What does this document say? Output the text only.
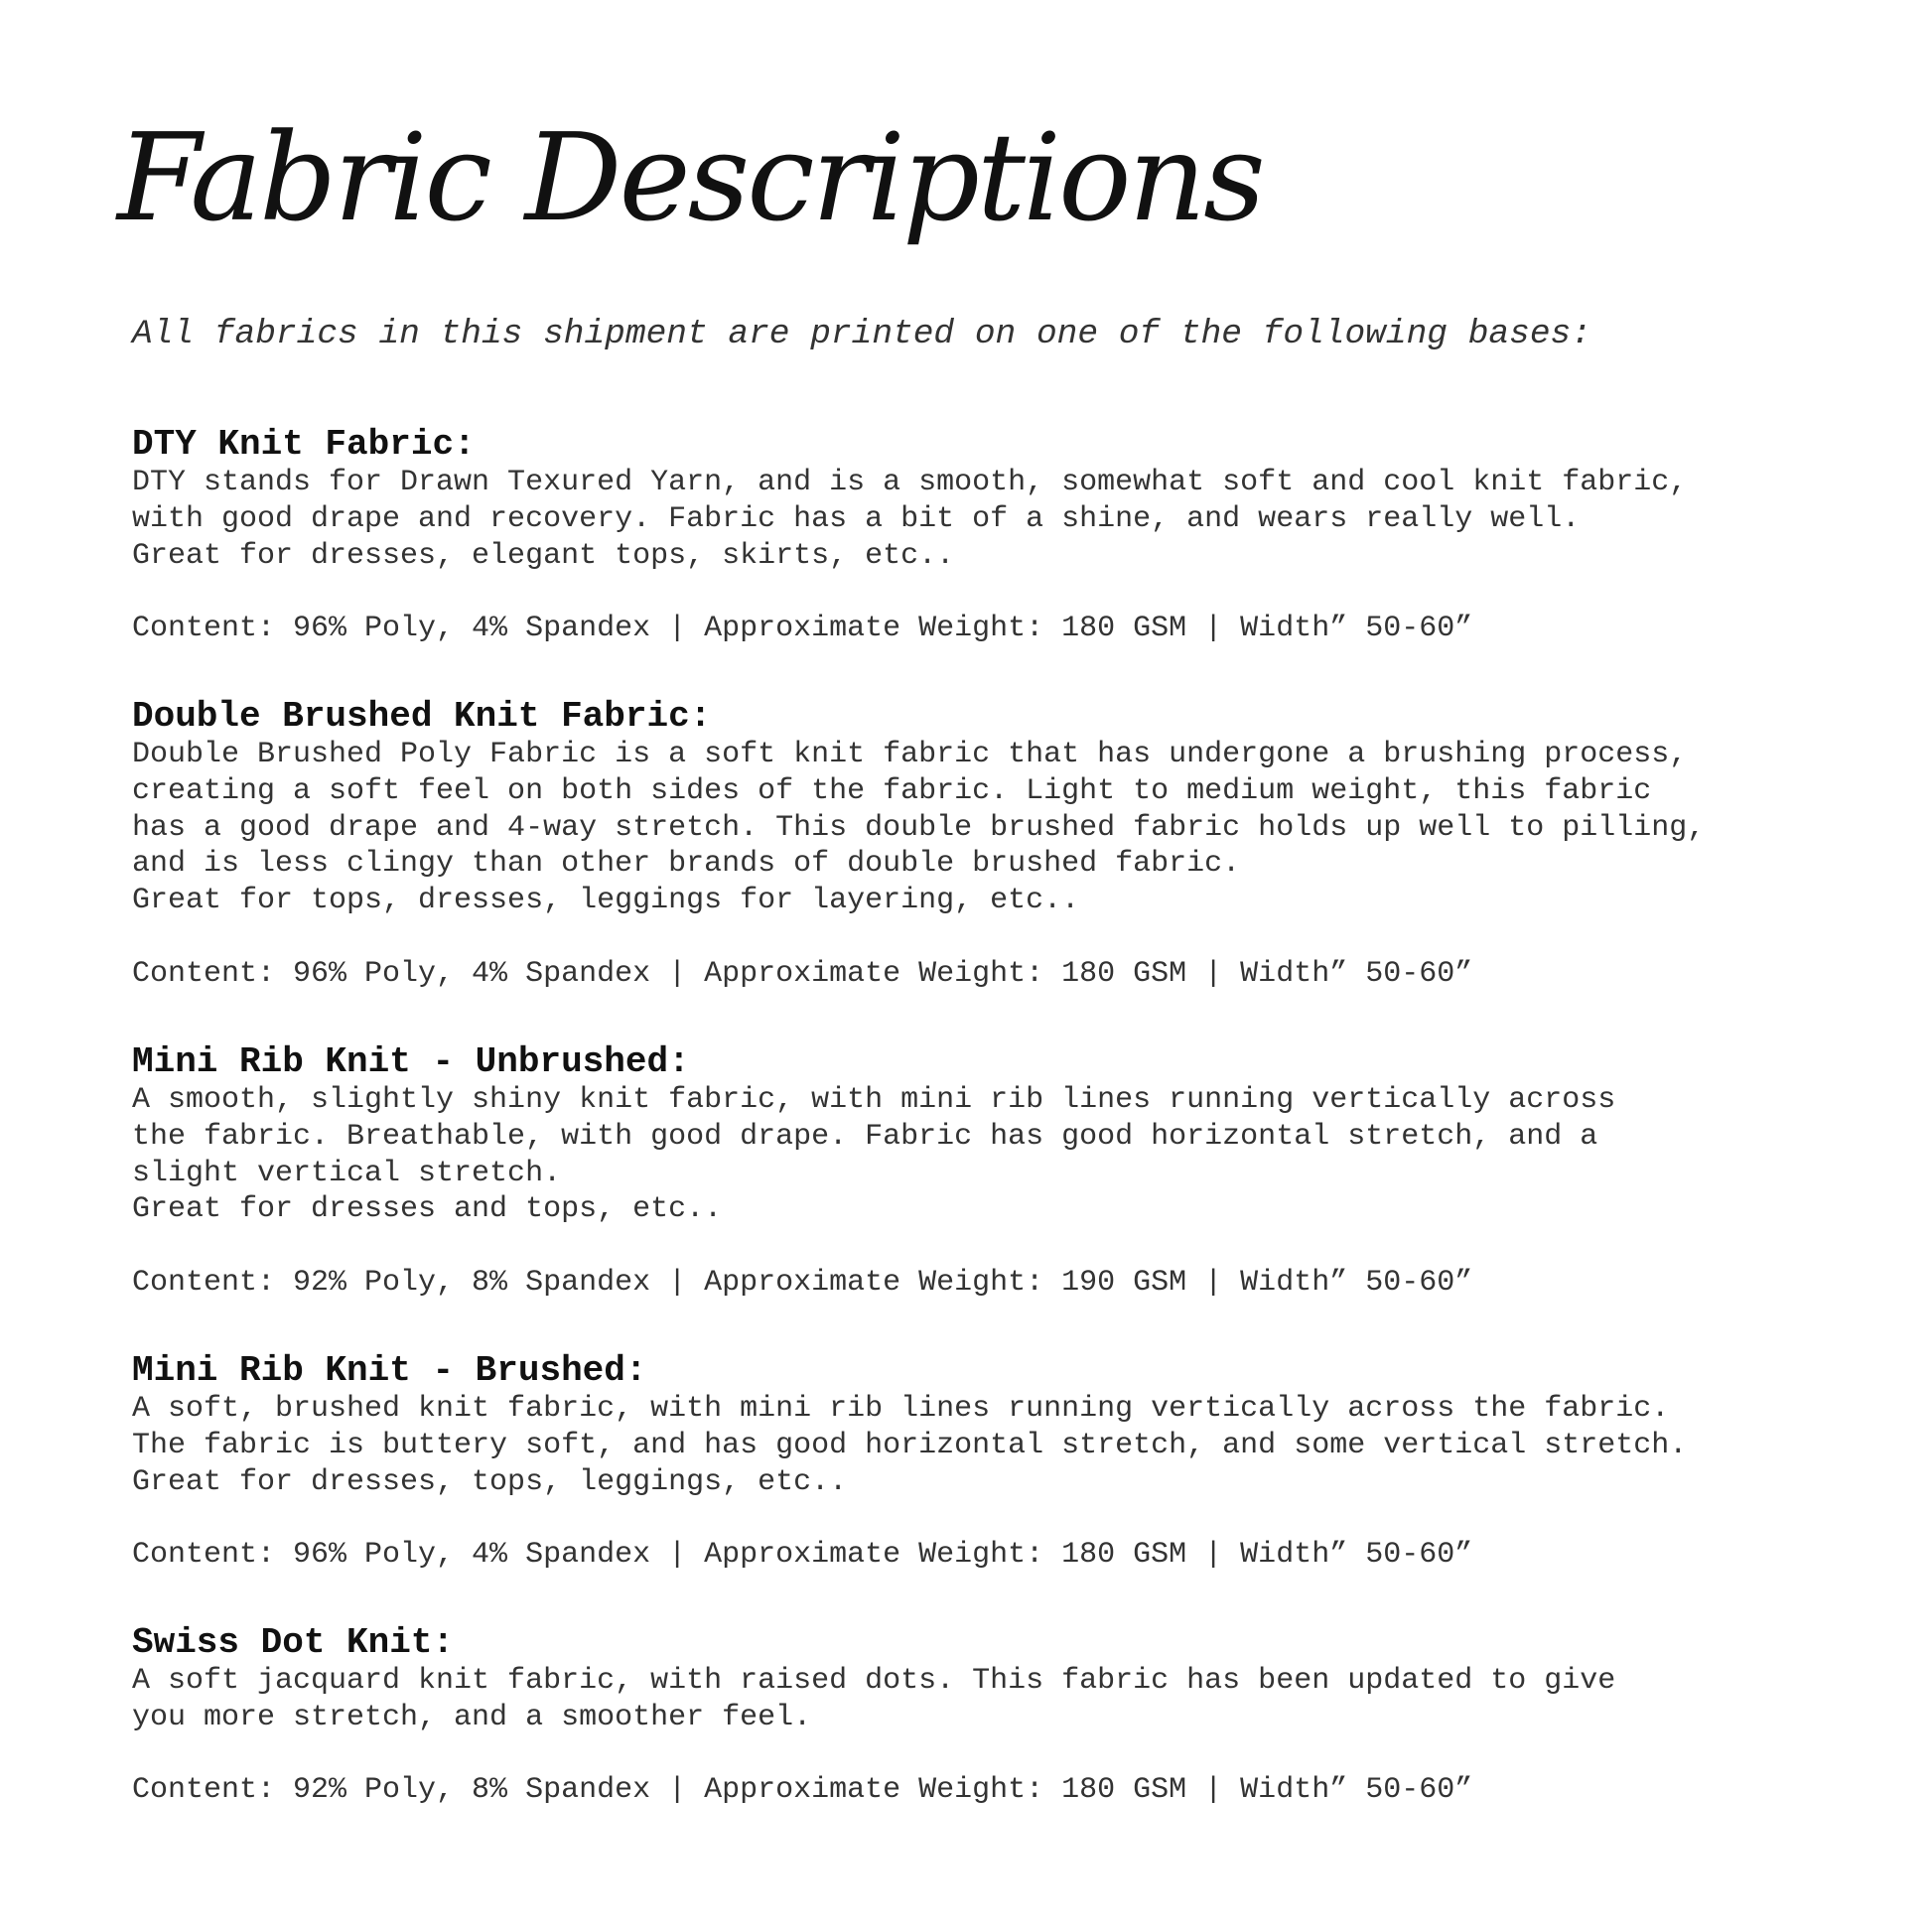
Fabric Descriptions

All fabrics in this shipment are printed on one of the following bases:

DTY Knit Fabric:

DTY stands for Drawn Texured Yarn, and is a smooth, somewhat soft and cool knit fabric,
with good drape and recovery. Fabric has a bit of a shine, and wears really well.
Great for dresses, elegant tops, skirts, etc..

Content: 96% Poly, 4% Spandex | Approximate Weight: 180 GSM | Width” 50-60”

Double Brushed Knit Fabric:

Double Brushed Poly Fabric is a soft knit fabric that has undergone a brushing process,
creating a soft feel on both sides of the fabric. Light to medium weight, this fabric
has a good drape and 4-way stretch. This double brushed fabric holds up well to pilling,
and is less clingy than other brands of double brushed fabric.
Great for tops, dresses, leggings for layering, etc..

Content: 96% Poly, 4% Spandex | Approximate Weight: 180 GSM | Width” 50-60”

Mini Rib Knit - Unbrushed:

A smooth, slightly shiny knit fabric, with mini rib lines running vertically across
the fabric. Breathable, with good drape. Fabric has good horizontal stretch, and a
slight vertical stretch.
Great for dresses and tops, etc..

Content: 92% Poly, 8% Spandex | Approximate Weight: 190 GSM | Width” 50-60”

Mini Rib Knit - Brushed:

A soft, brushed knit fabric, with mini rib lines running vertically across the fabric.
The fabric is buttery soft, and has good horizontal stretch, and some vertical stretch.
Great for dresses, tops, leggings, etc..

Content: 96% Poly, 4% Spandex | Approximate Weight: 180 GSM | Width” 50-60”

Swiss Dot Knit:

A soft jacquard knit fabric, with raised dots. This fabric has been updated to give
you more stretch, and a smoother feel.

Content: 92% Poly, 8% Spandex | Approximate Weight: 180 GSM | Width” 50-60”
